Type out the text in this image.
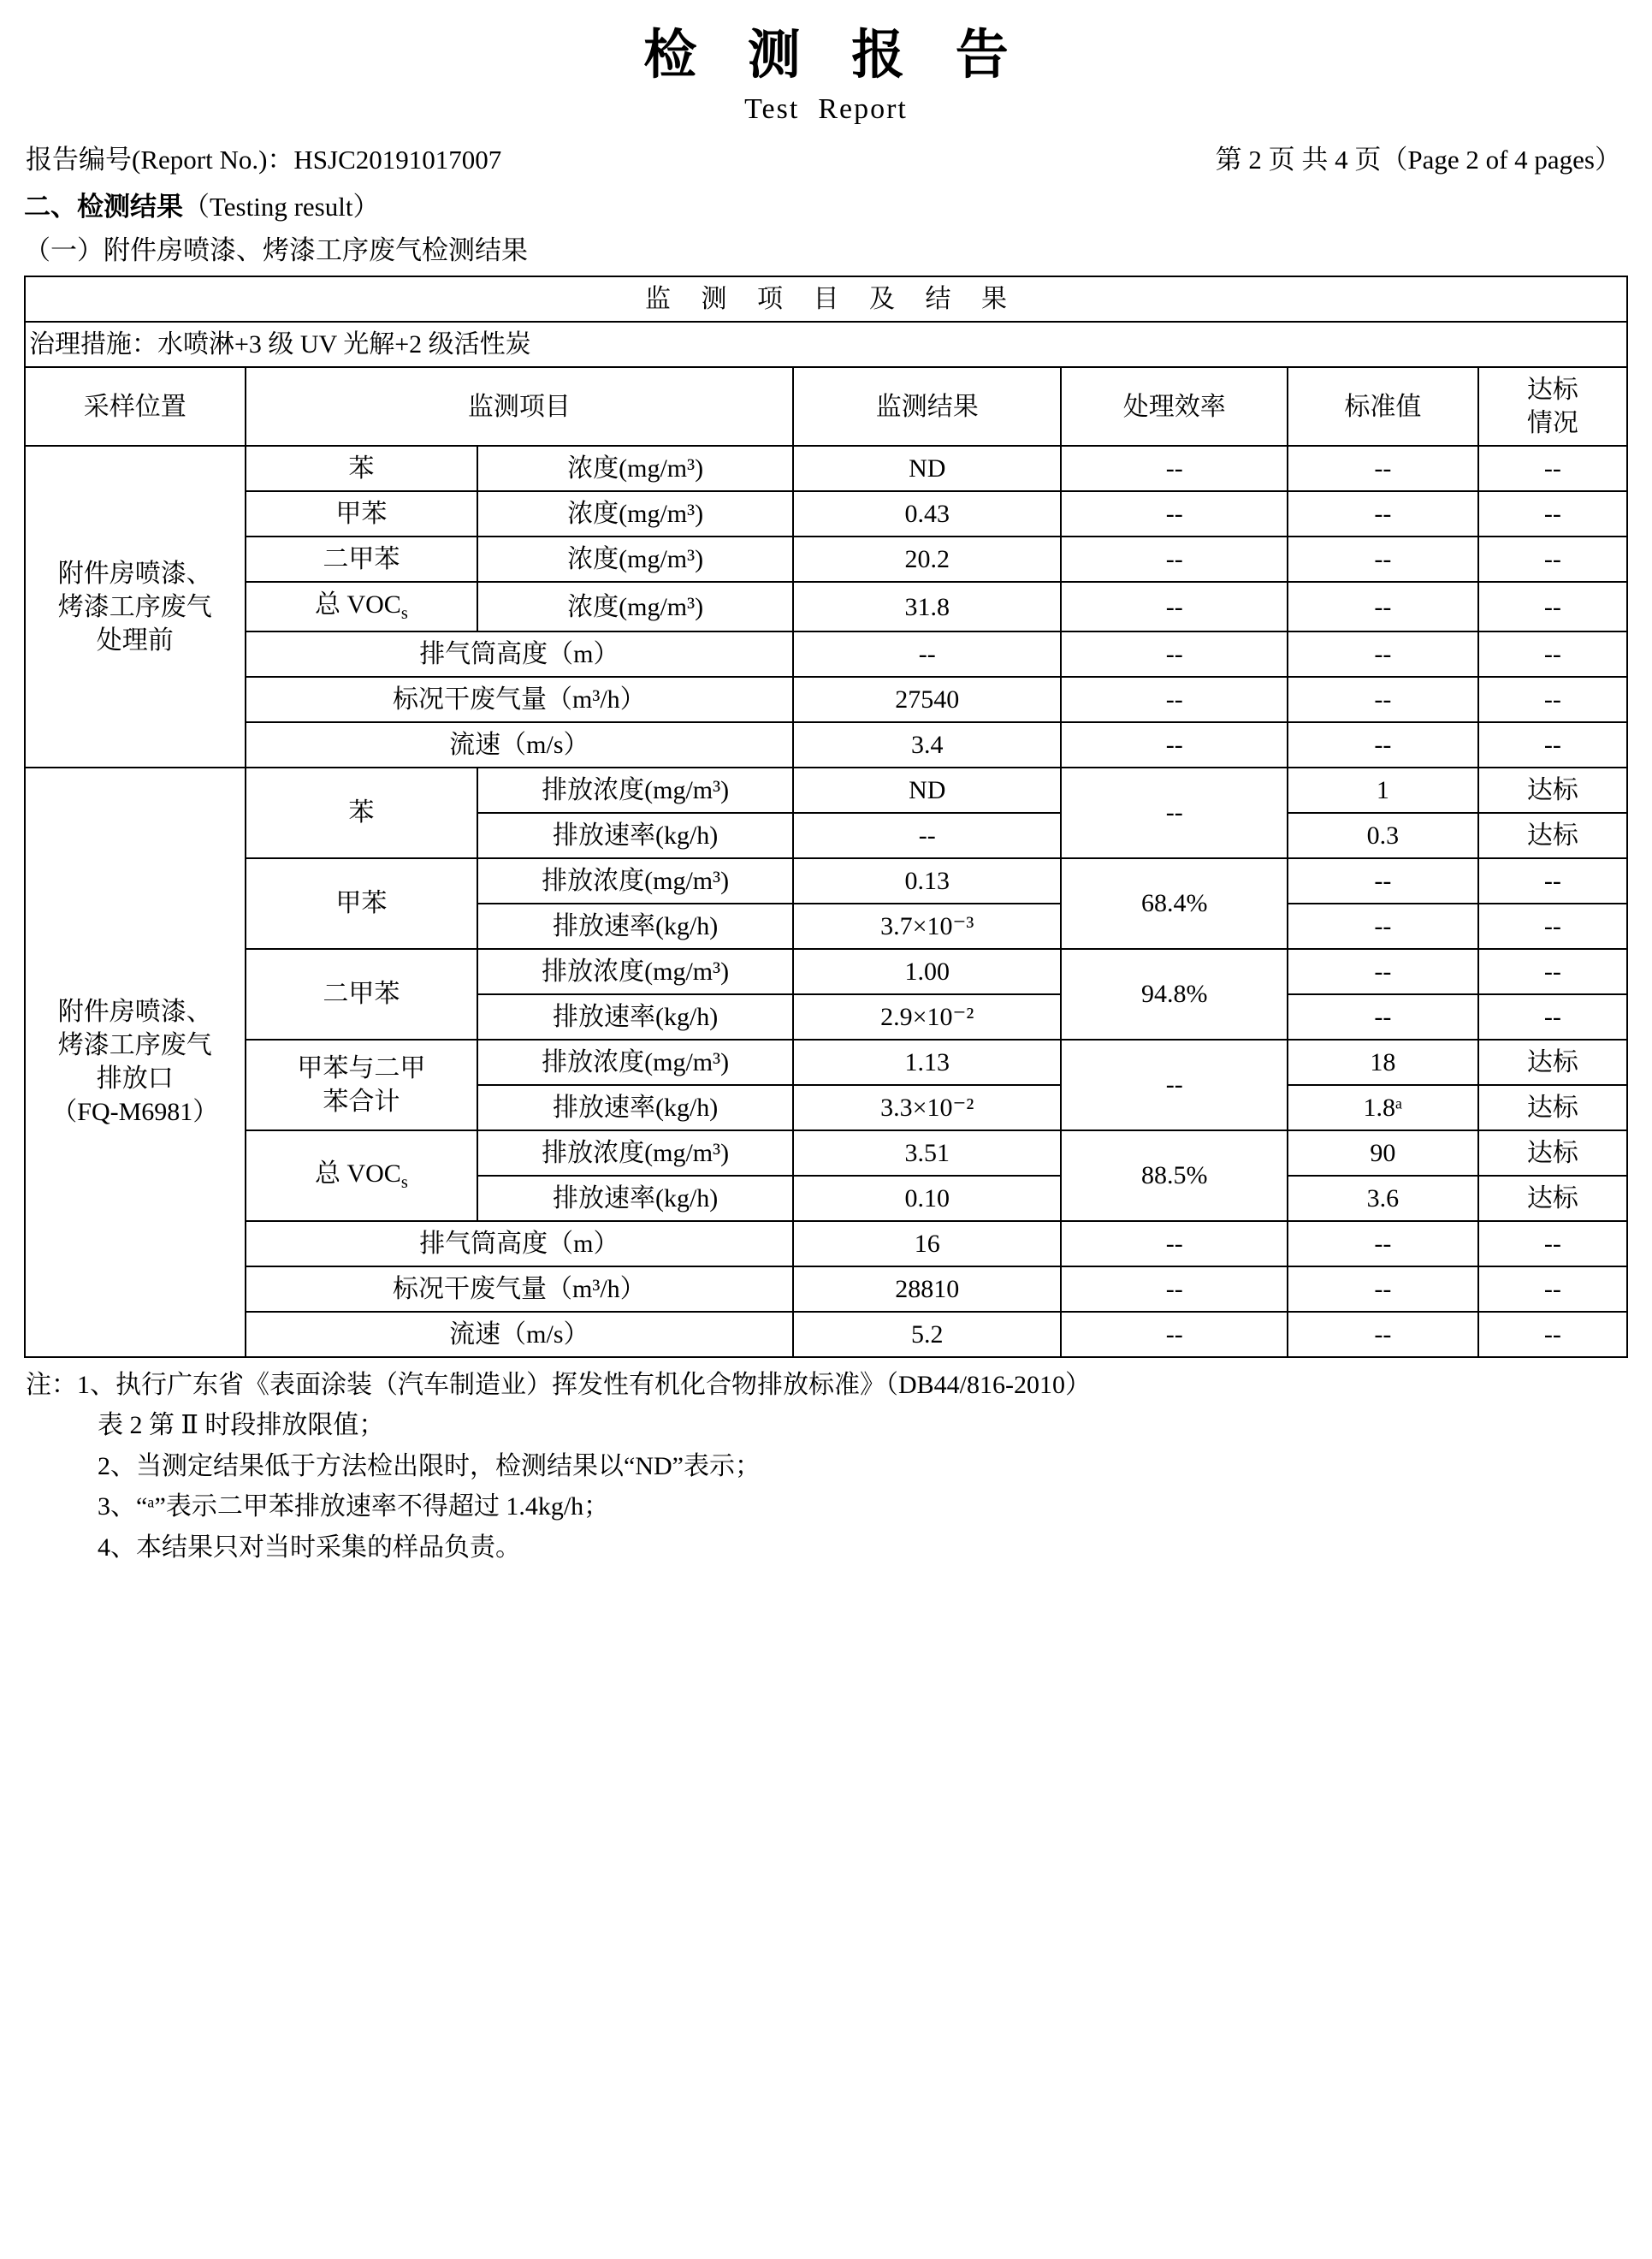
检 测 报 告
Test Report
报告编号(Report No.)：HSJC20191017007	第 2 页 共 4 页（Page 2 of 4 pages）
二、检测结果（Testing result）
（一）附件房喷漆、烤漆工序废气检测结果
监 测 项 目 及 结 果						
治理措施：水喷淋+3 级 UV 光解+2 级活性炭						
采样位置	监测项目		监测结果	处理效率	标准值	达标
情况
附件房喷漆、
烤漆工序废气
处理前	苯	浓度(mg/m³)	ND	--	--	--
	甲苯	浓度(mg/m³)	0.43	--	--	--
	二甲苯	浓度(mg/m³)	20.2	--	--	--
	总 $VOC_s$	浓度(mg/m³)	31.8	--	--	--
	排气筒高度（m）		--	--	--	--
	标况干废气量（m³/h）		27540	--	--	--
	流速（m/s）		3.4	--	--	--
附件房喷漆、
烤漆工序废气
排放口
（FQ-M6981）	苯	排放浓度(mg/m³)	ND	--	1	达标
		排放速率(kg/h)	--		0.3	达标
	甲苯	排放浓度(mg/m³)	0.13	68.4%	--	--
		排放速率(kg/h)	3.7×10⁻³		--	--
	二甲苯	排放浓度(mg/m³)	1.00	94.8%	--	--
		排放速率(kg/h)	2.9×10⁻²		--	--
	甲苯与二甲
苯合计	排放浓度(mg/m³)	1.13	--	18	达标
		排放速率(kg/h)	3.3×10⁻²		1.8ᵃ	达标
	总 $VOC_s$	排放浓度(mg/m³)	3.51	88.5%	90	达标
		排放速率(kg/h)	0.10		3.6	达标
	排气筒高度（m）		16	--	--	--
	标况干废气量（m³/h）		28810	--	--	--
	流速（m/s）		5.2	--	--	--
注：1、执行广东省《表面涂装（汽车制造业）挥发性有机化合物排放标准》（DB44/816-2010）
表 2 第 Ⅱ 时段排放限值；
2、当测定结果低于方法检出限时，检测结果以“ND”表示；
3、“ᵃ”表示二甲苯排放速率不得超过 1.4kg/h；
4、本结果只对当时采集的样品负责。
